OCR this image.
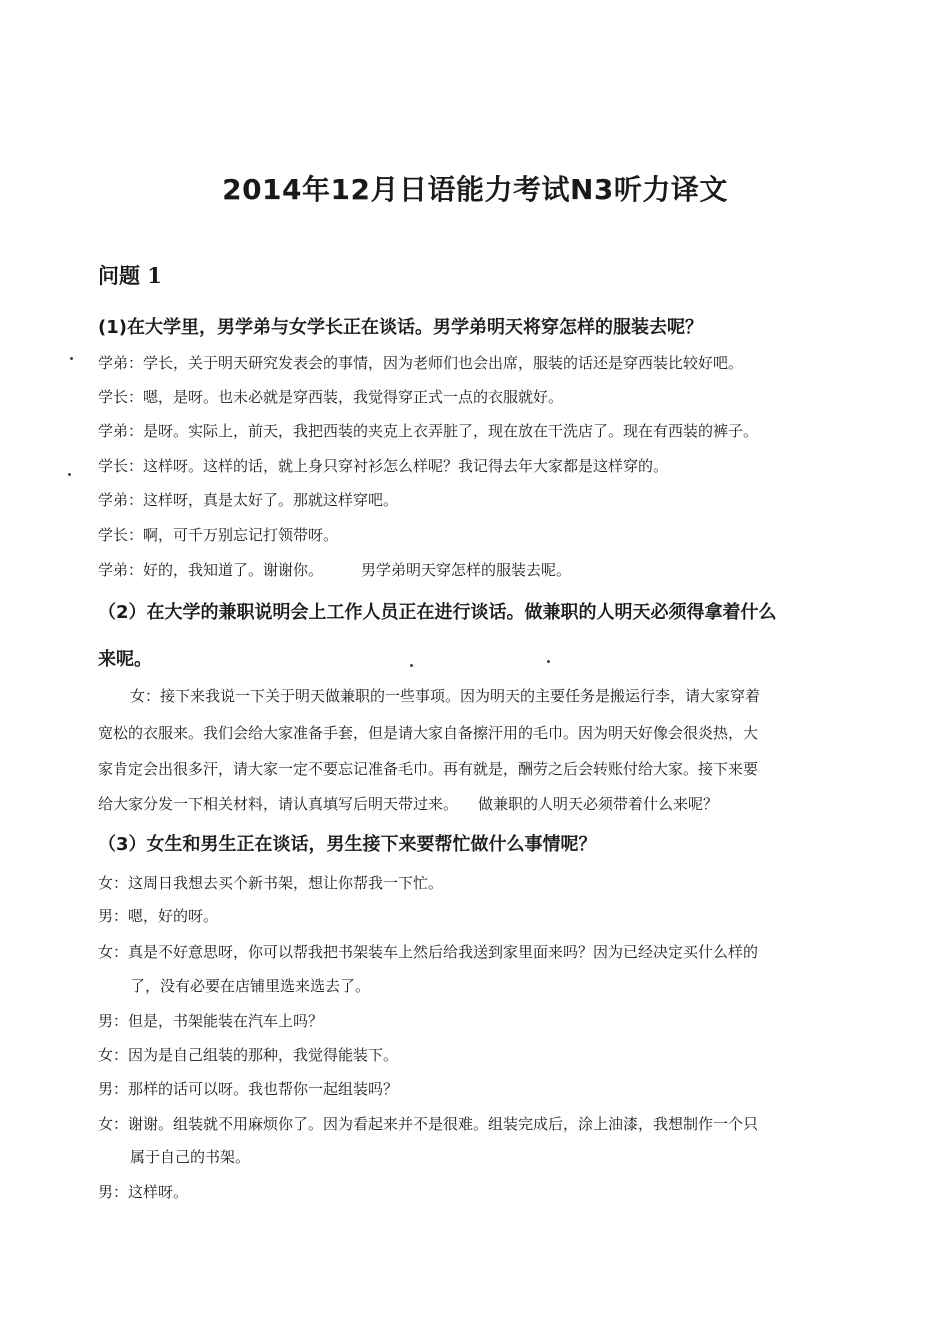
2014年12月日语能力考试N3听力译文
问题 1
(1)在大学里，男学弟与女学长正在谈话。男学弟明天将穿怎样的服装去呢？
学弟：学长，关于明天研究发表会的事情，因为老师们也会出席，服装的话还是穿西装比较好吧。
学长：嗯，是呀。也未必就是穿西装，我觉得穿正式一点的衣服就好。
学弟：是呀。实际上，前天，我把西装的夹克上衣弄脏了，现在放在干洗店了。现在有西装的裤子。
学长：这样呀。这样的话，就上身只穿衬衫怎么样呢？我记得去年大家都是这样穿的。
学弟：这样呀，真是太好了。那就这样穿吧。
学长：啊，可千万别忘记打领带呀。
学弟：好的，我知道了。谢谢你。	男学弟明天穿怎样的服装去呢。
（2）在大学的兼职说明会上工作人员正在进行谈话。做兼职的人明天必须得拿着什么
来呢。
女：接下来我说一下关于明天做兼职的一些事项。因为明天的主要任务是搬运行李，请大家穿着
宽松的衣服来。我们会给大家准备手套，但是请大家自备擦汗用的毛巾。因为明天好像会很炎热，大
家肯定会出很多汗，请大家一定不要忘记准备毛巾。再有就是，酬劳之后会转账付给大家。接下来要
给大家分发一下相关材料，请认真填写后明天带过来。 做兼职的人明天必须带着什么来呢？
（3）女生和男生正在谈话，男生接下来要帮忙做什么事情呢？
女：这周日我想去买个新书架，想让你帮我一下忙。
男：嗯，好的呀。
女：真是不好意思呀，你可以帮我把书架装车上然后给我送到家里面来吗？因为已经决定买什么样的
了，没有必要在店铺里选来选去了。
男：但是，书架能装在汽车上吗？
女：因为是自己组装的那种，我觉得能装下。
男：那样的话可以呀。我也帮你一起组装吗？
女：谢谢。组装就不用麻烦你了。因为看起来并不是很难。组装完成后，涂上油漆，我想制作一个只
属于自己的书架。
男：这样呀。
